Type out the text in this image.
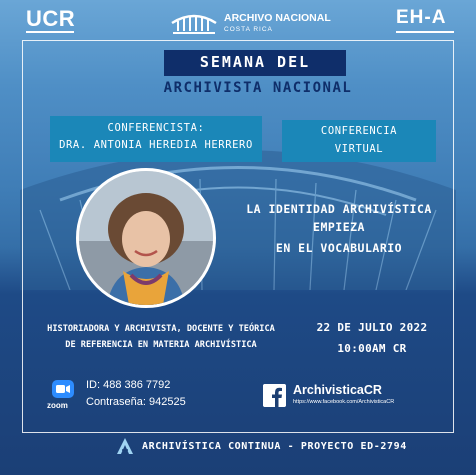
UCR	ARCHIVO NACIONAL
COSTA RICA
EH-A
SEMANA DEL
ARCHIVISTA NACIONAL
CONFERENCISTA:
DRA. ANTONIA HEREDIA HERRERO
CONFERENCIA
VIRTUAL
LA IDENTIDAD ARCHIVÍSTICA
EMPIEZA
EN EL VOCABULARIO
HISTORIADORA Y ARCHIVISTA, DOCENTE Y TEÓRICA
DE REFERENCIA EN MATERIA ARCHIVÍSTICA
22 DE JULIO 2022
10:00AM CR
zoom
ID: 488 386 7792
Contraseña: 942525
ArchivisticaCR
https://www.facebook.com/ArchivisticaCR
ARCHIVÍSTICA CONTINUA - PROYECTO ED-2794
